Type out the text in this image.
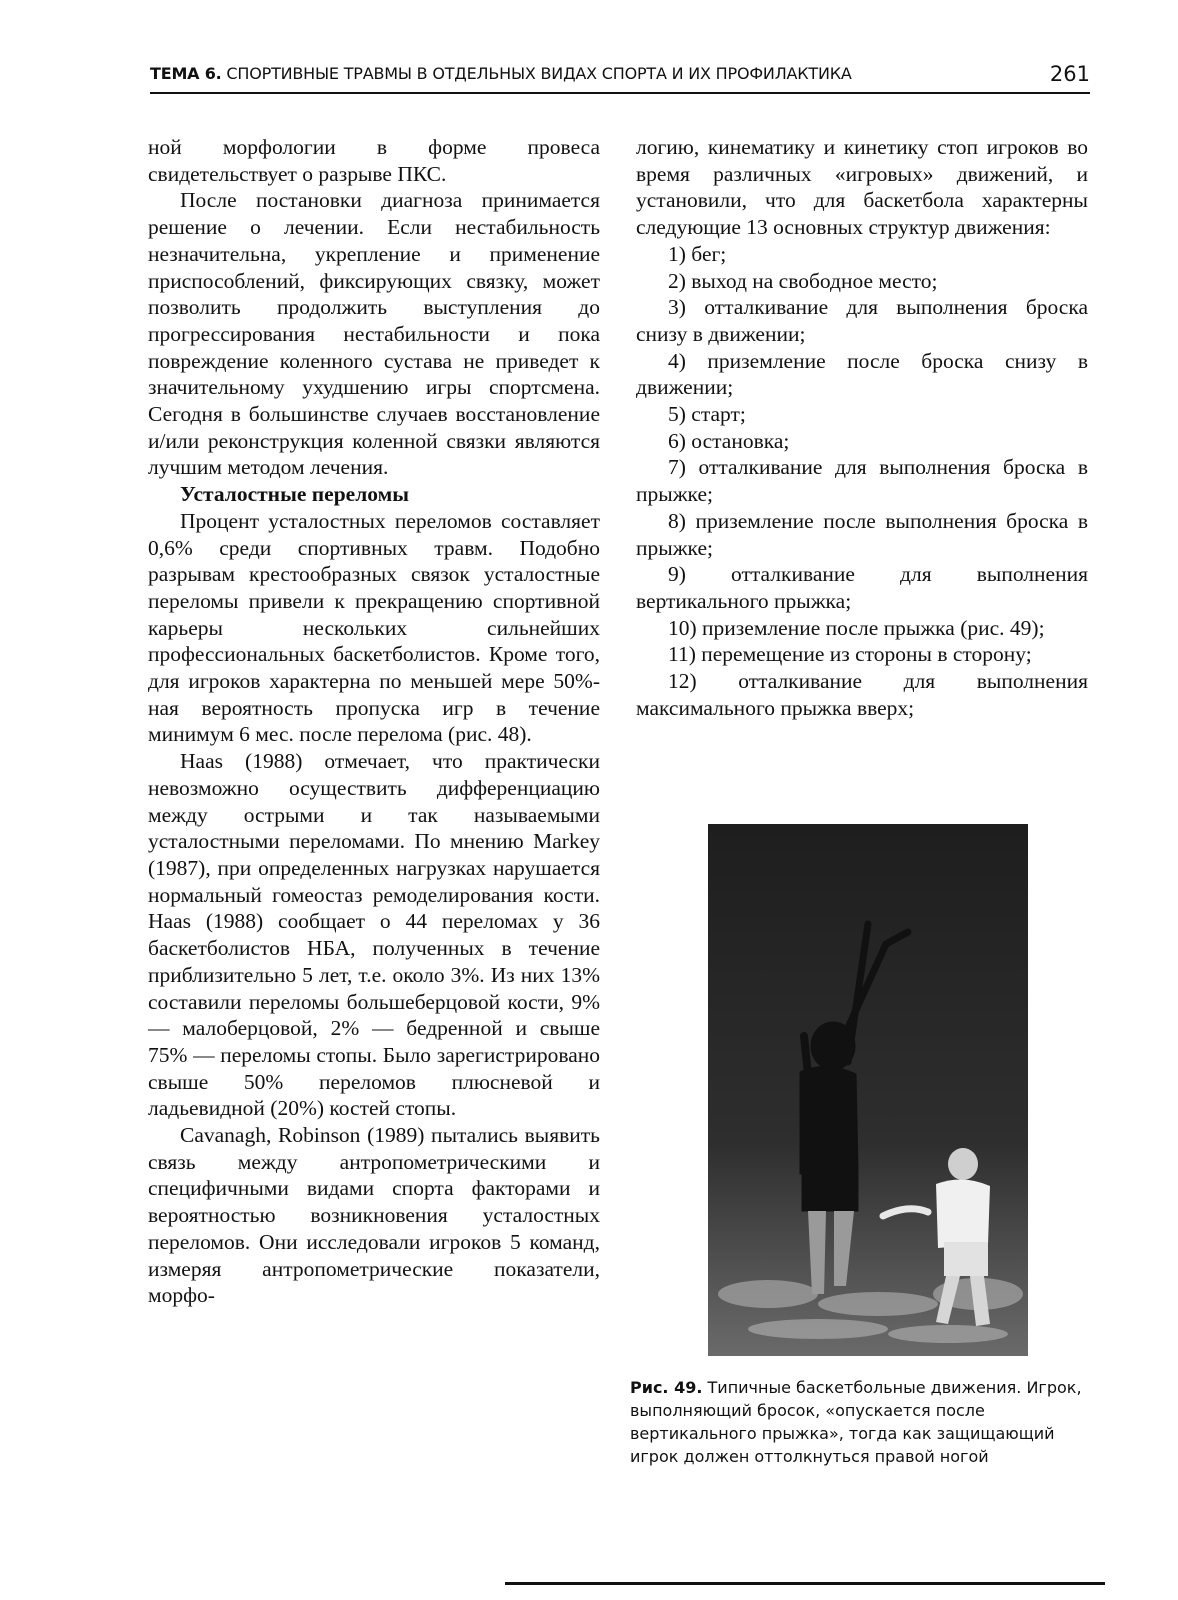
ТЕМА 6. СПОРТИВНЫЕ ТРАВМЫ В ОТДЕЛЬНЫХ ВИДАХ СПОРТА И ИХ ПРОФИЛАКТИКА	261

ной морфологии в форме провеса свидетельствует о разрыве ПКС.

После постановки диагноза принимается решение о лечении. Если нестабильность незначительна, укрепление и применение приспособлений, фиксирующих связку, может позволить продолжить выступления до прогрессирования нестабильности и пока повреждение коленного сустава не приведет к значительному ухудшению игры спортсмена. Сегодня в большинстве случаев восстановление и/или реконструкция коленной связки являются лучшим методом лечения.

Усталостные переломы

Процент усталостных переломов составляет 0,6% среди спортивных травм. Подобно разрывам крестообразных связок усталостные переломы привели к прекращению спортивной карьеры нескольких сильнейших профессиональных баскетболистов. Кроме того, для игроков характерна по меньшей мере 50%-ная вероятность пропуска игр в течение минимум 6 мес. после перелома (рис. 48).

Haas (1988) отмечает, что практически невозможно осуществить дифференциацию между острыми и так называемыми усталостными переломами. По мнению Markey (1987), при определенных нагрузках нарушается нормальный гомеостаз ремоделирования кости. Haas (1988) сообщает о 44 переломах у 36 баскетболистов НБА, полученных в течение приблизительно 5 лет, т.е. около 3%. Из них 13% составили переломы большеберцовой кости, 9% — малоберцовой, 2% — бедренной и свыше 75% — переломы стопы. Было зарегистрировано свыше 50% переломов плюсневой и ладьевидной (20%) костей стопы.

Cavanagh, Robinson (1989) пытались выявить связь между антропометрическими и специфичными видами спорта факторами и вероятностью возникновения усталостных переломов. Они исследовали игроков 5 команд, измеряя антропометрические показатели, морфо-

логию, кинематику и кинетику стоп игроков во время различных «игровых» движений, и установили, что для баскетбола характерны следующие 13 основных структур движения:

1) бег;

2) выход на свободное место;

3) отталкивание для выполнения броска снизу в движении;

4) приземление после броска снизу в движении;

5) старт;

6) остановка;

7) отталкивание для выполнения броска в прыжке;

8) приземление после выполнения броска в прыжке;

9) отталкивание для выполнения вертикального прыжка;

10) приземление после прыжка (рис. 49);

11) перемещение из стороны в сторону;

12) отталкивание для выполнения максимального прыжка вверх;

Рис. 49. Типичные баскетбольные движения. Игрок, выполняющий бросок, «опускается после вертикального прыжка», тогда как защищающий игрок должен оттолкнуться правой ногой
